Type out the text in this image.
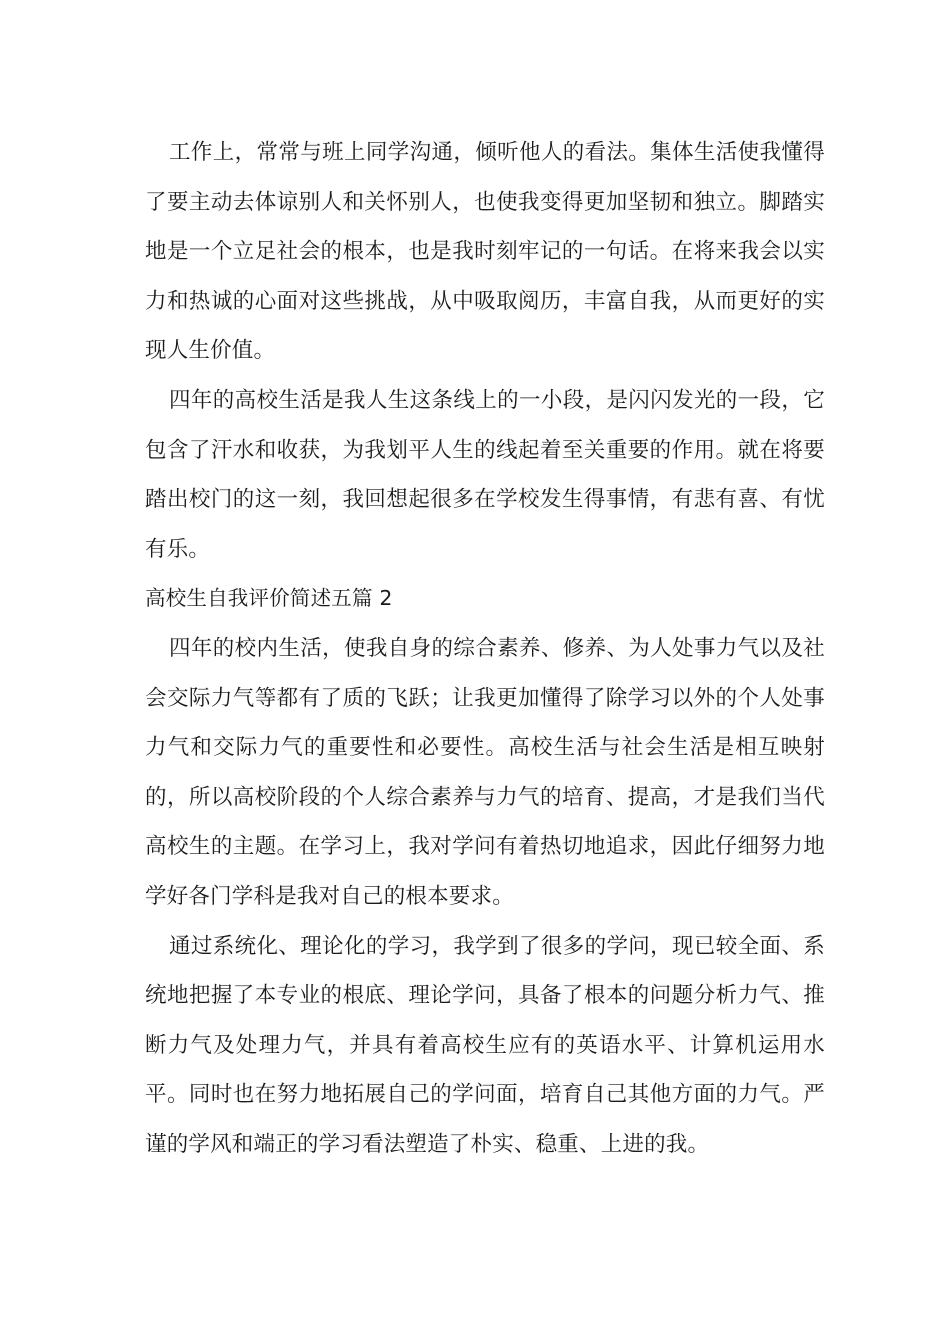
工作上，常常与班上同学沟通，倾听他人的看法。集体生活使我懂得了要主动去体谅别人和关怀别人，也使我变得更加坚韧和独立。脚踏实地是一个立足社会的根本，也是我时刻牢记的一句话。在将来我会以实力和热诚的心面对这些挑战，从中吸取阅历，丰富自我，从而更好的实现人生价值。

四年的高校生活是我人生这条线上的一小段，是闪闪发光的一段，它包含了汗水和收获，为我划平人生的线起着至关重要的作用。就在将要踏出校门的这一刻，我回想起很多在学校发生得事情，有悲有喜、有忧有乐。

高校生自我评价简述五篇 2

四年的校内生活，使我自身的综合素养、修养、为人处事力气以及社会交际力气等都有了质的飞跃；让我更加懂得了除学习以外的个人处事力气和交际力气的重要性和必要性。高校生活与社会生活是相互映射的，所以高校阶段的个人综合素养与力气的培育、提高，才是我们当代高校生的主题。在学习上，我对学问有着热切地追求，因此仔细努力地学好各门学科是我对自己的根本要求。

通过系统化、理论化的学习，我学到了很多的学问，现已较全面、系统地把握了本专业的根底、理论学问，具备了根本的问题分析力气、推断力气及处理力气，并具有着高校生应有的英语水平、计算机运用水平。同时也在努力地拓展自己的学问面，培育自己其他方面的力气。严谨的学风和端正的学习看法塑造了朴实、稳重、上进的我。
